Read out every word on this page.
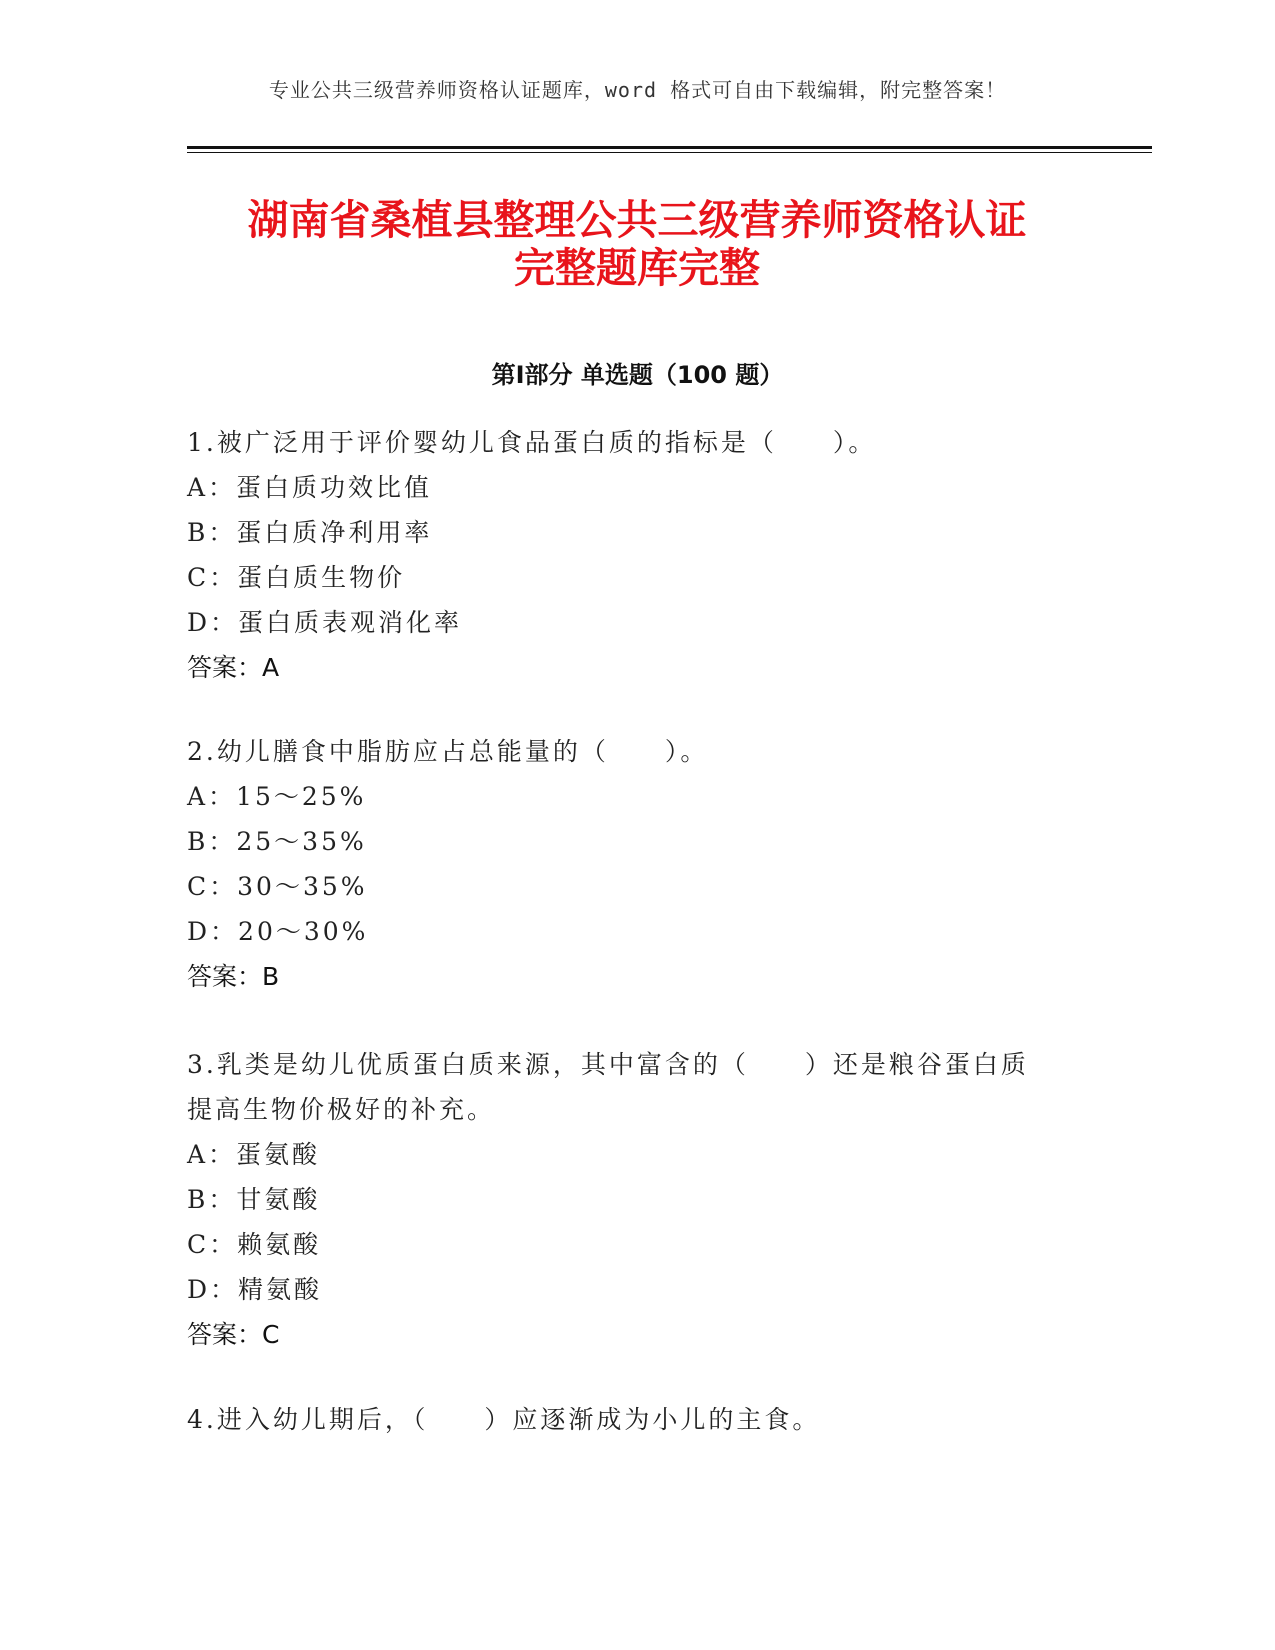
专业公共三级营养师资格认证题库，word 格式可自由下载编辑，附完整答案！
湖南省桑植县整理公共三级营养师资格认证
完整题库完整
第Ⅰ部分 单选题（100 题）
1.被广泛用于评价婴幼儿食品蛋白质的指标是（　　）。
A：蛋白质功效比值
B：蛋白质净利用率
C：蛋白质生物价
D：蛋白质表观消化率
答案：A
2.幼儿膳食中脂肪应占总能量的（　　）。
A：15～25%
B：25～35%
C：30～35%
D：20～30%
答案：B
3.乳类是幼儿优质蛋白质来源，其中富含的（　　）还是粮谷蛋白质
提高生物价极好的补充。
A：蛋氨酸
B：甘氨酸
C：赖氨酸
D：精氨酸
答案：C
4.进入幼儿期后，（　　）应逐渐成为小儿的主食。
